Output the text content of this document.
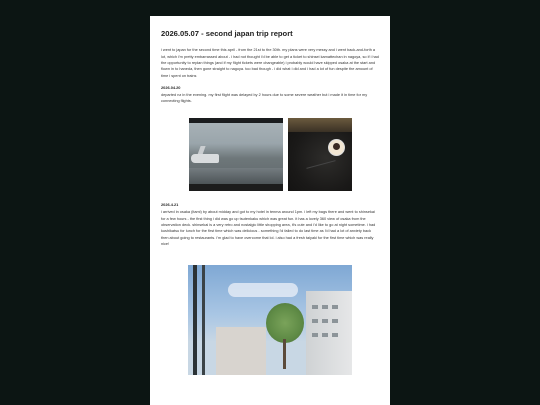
2026.05.07 - second japan trip report

i went to japan for the second time this april - from the 21st to the 30th. my plans were very messy and i went back-and-forth a lot, which i'm pretty embarrassed about - i had not thought i'd be able to get a ticket to shinsei kamattechan in nagoya, so if i had the opportunity to replan things (and if my flight tickets were changeable) i probably would have skipped osaka at the start and flown in to haneda, then gone straight to nagoya. too bad though - i did what i did and i had a lot of fun despite the amount of time i spent on trains

2026.04.20

departed nz in the evening. my first flight was delayed by 2 hours due to some severe weather but i made it in time for my connecting flights.

2026.4.21

i arrived in osaka (itami) by about midday and got to my hotel in tenma around 1pm. i left my bags there and went to shinsekai for a few hours - the first thing i did was go up tsutenkaku which was great fun. it has a lovely 360 view of osaka from the observation deck. shinsekai is a very retro and nostalgic little shopping area, it's cute and i'd like to go at night sometime. i had kushikatsu for lunch for the first time which was delicious - something i'd failed to do last time as i'd had a lot of anxiety back then about going to restaurants. i'm glad to have overcome that lol. i also had a fresh taiyaki for the first time which was really nice!
